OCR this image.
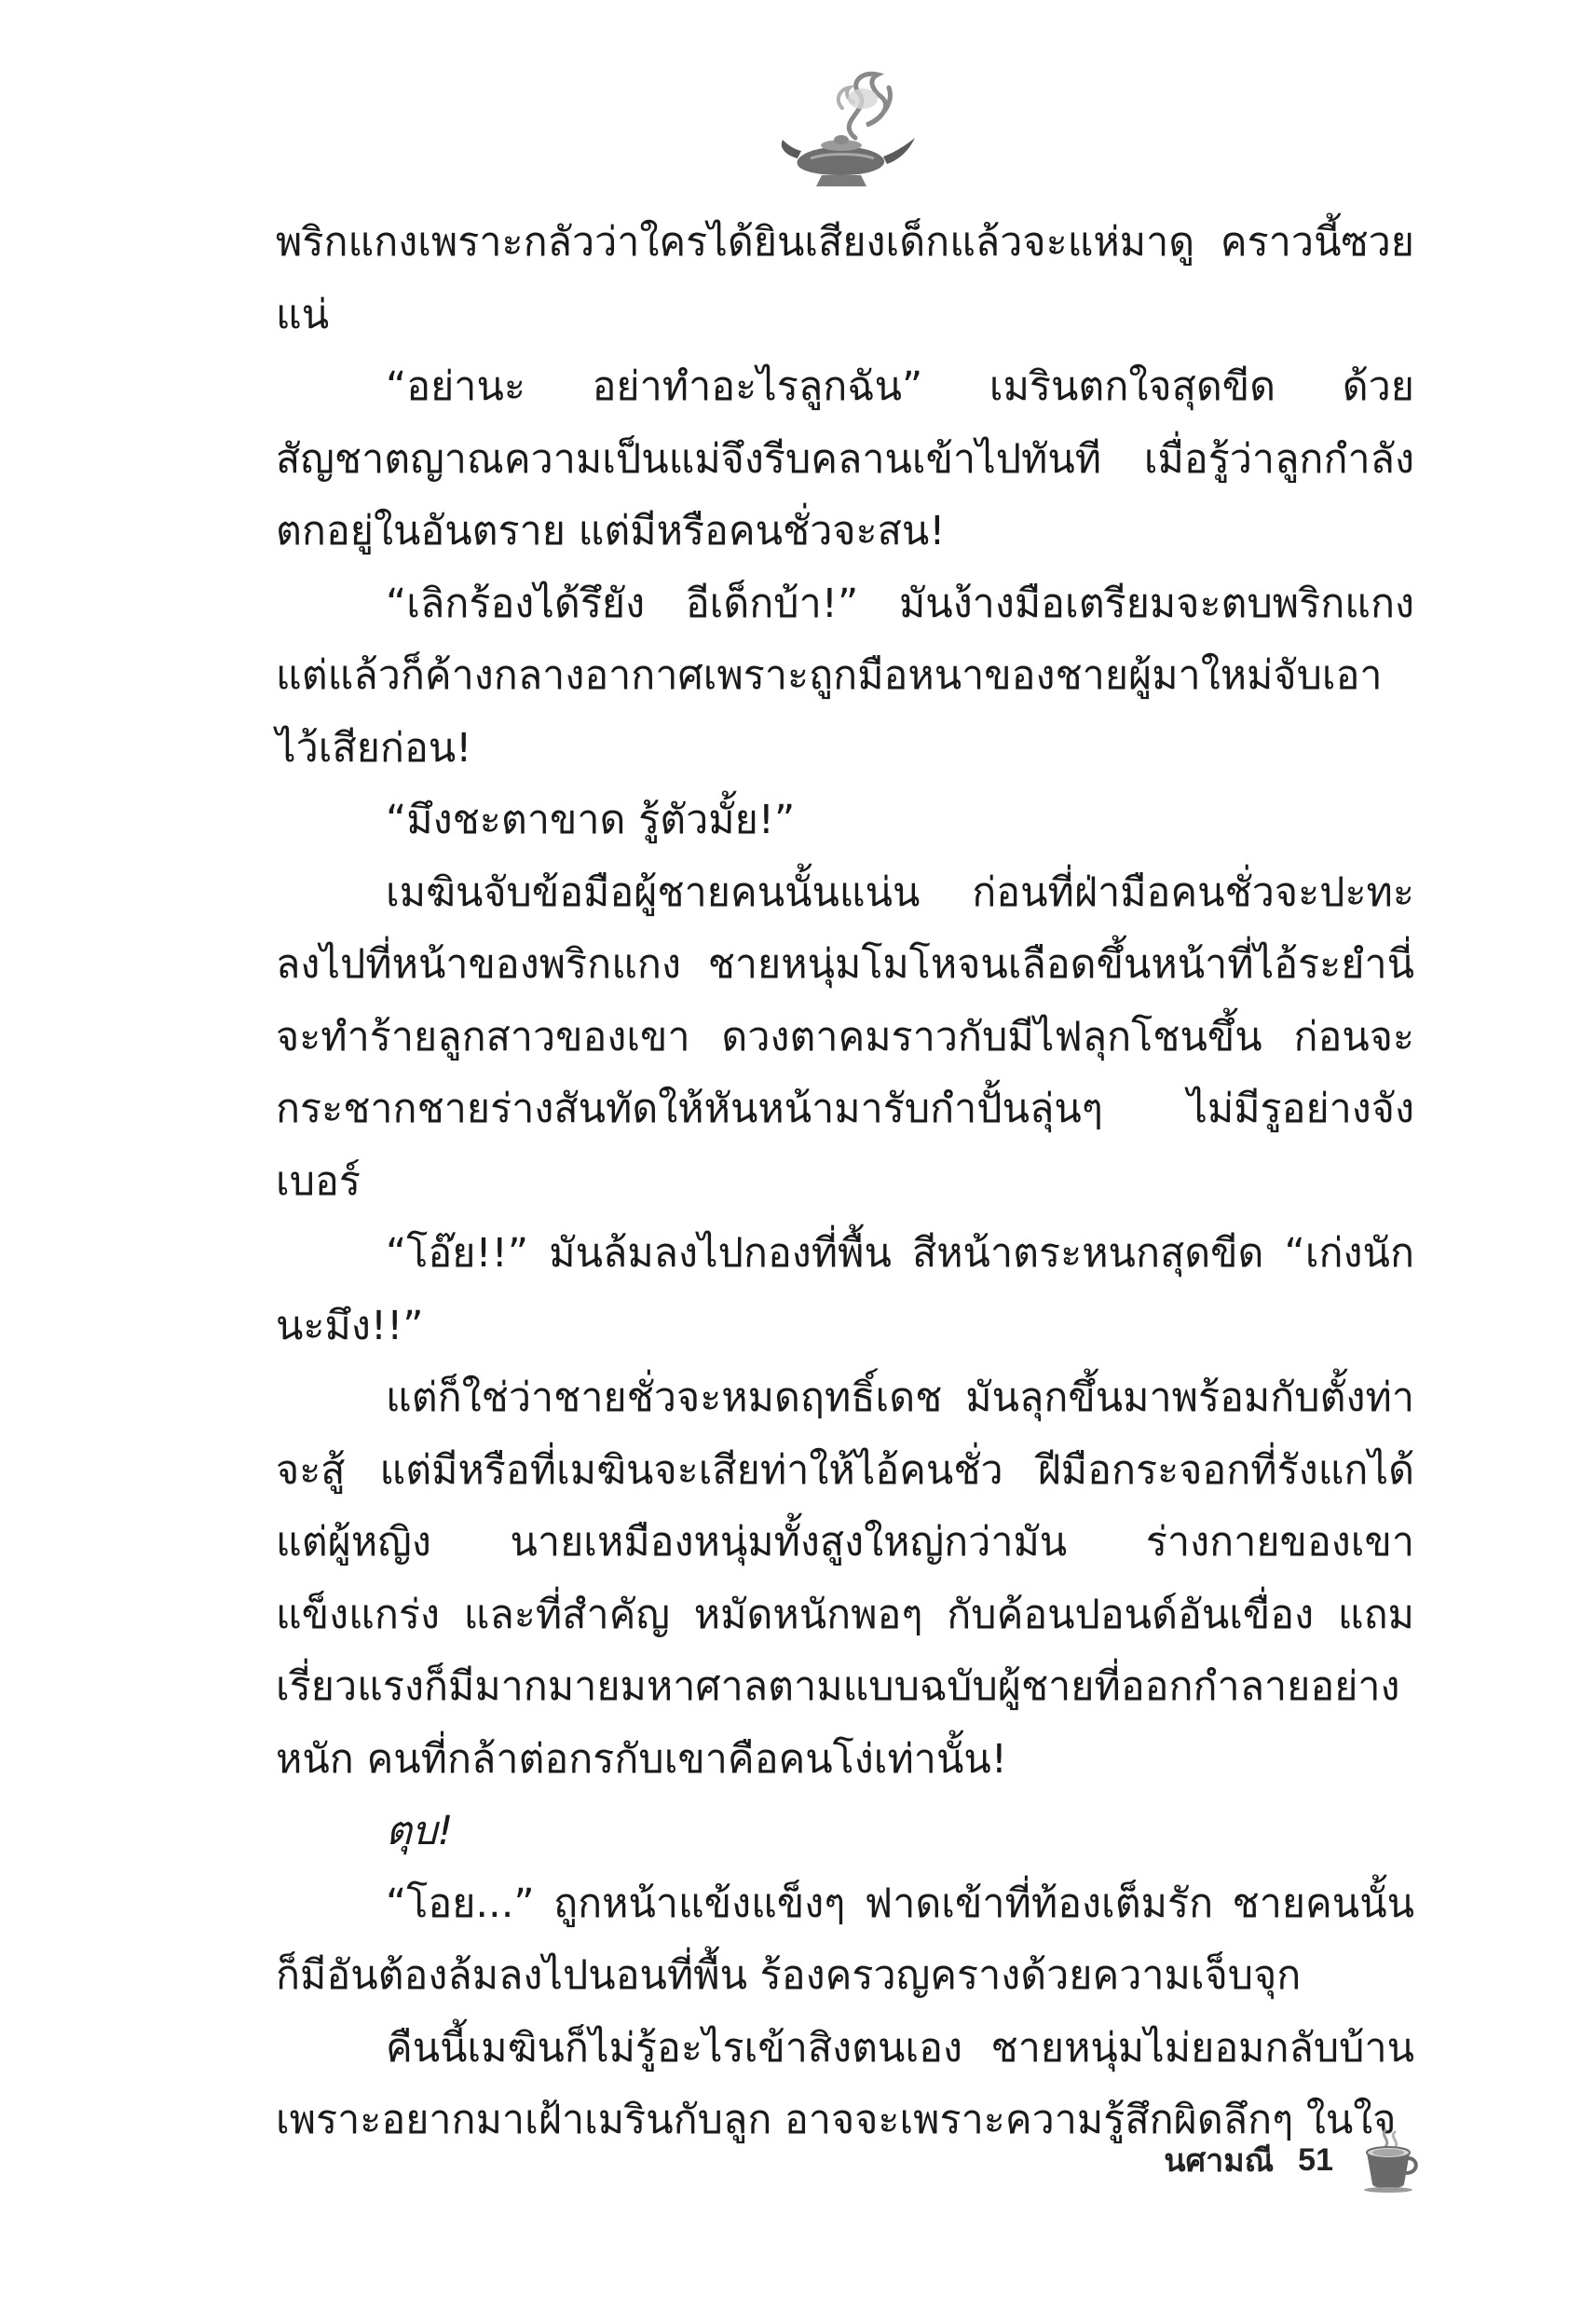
พริกแกงเพราะกลัวว่าใครได้ยินเสียงเด็กแล้วจะแห่มาดู คราวนี้ซวยแน่

“อย่านะ อย่าทำอะไรลูกฉัน” เมรินตกใจสุดขีด ด้วยสัญชาตญาณความเป็นแม่จึงรีบคลานเข้าไปทันที เมื่อรู้ว่าลูกกำลังตกอยู่ในอันตราย แต่มีหรือคนชั่วจะสน!

“เลิกร้องได้รึยัง อีเด็กบ้า!” มันง้างมือเตรียมจะตบพริกแกง แต่แล้วก็ค้างกลางอากาศเพราะถูกมือหนาของชายผู้มาใหม่จับเอาไว้เสียก่อน!

“มึงชะตาขาด รู้ตัวมั้ย!”

เมฆินจับข้อมือผู้ชายคนนั้นแน่น ก่อนที่ฝ่ามือคนชั่วจะปะทะลงไปที่หน้าของพริกแกง ชายหนุ่มโมโหจนเลือดขึ้นหน้าที่ไอ้ระยำนี่จะทำร้ายลูกสาวของเขา ดวงตาคมราวกับมีไฟลุกโชนขึ้น ก่อนจะกระชากชายร่างสันทัดให้หันหน้ามารับกำปั้นลุ่นๆ ไม่มีรูอย่างจังเบอร์

“โอ๊ย!!” มันล้มลงไปกองที่พื้น สีหน้าตระหนกสุดขีด “เก่งนักนะมึง!!”

แต่ก็ใช่ว่าชายชั่วจะหมดฤทธิ์เดช มันลุกขึ้นมาพร้อมกับตั้งท่าจะสู้ แต่มีหรือที่เมฆินจะเสียท่าให้ไอ้คนชั่ว ฝีมือกระจอกที่รังแกได้แต่ผู้หญิง นายเหมืองหนุ่มทั้งสูงใหญ่กว่ามัน ร่างกายของเขาแข็งแกร่ง และที่สำคัญ หมัดหนักพอๆ กับค้อนปอนด์อันเขื่อง แถมเรี่ยวแรงก็มีมากมายมหาศาลตามแบบฉบับผู้ชายที่ออกกำลายอย่างหนัก คนที่กล้าต่อกรกับเขาคือคนโง่เท่านั้น!

ตุบ!

“โอย...” ถูกหน้าแข้งแข็งๆ ฟาดเข้าที่ท้องเต็มรัก ชายคนนั้นก็มีอันต้องล้มลงไปนอนที่พื้น ร้องครวญครางด้วยความเจ็บจุก

คืนนี้เมฆินก็ไม่รู้อะไรเข้าสิงตนเอง ชายหนุ่มไม่ยอมกลับบ้านเพราะอยากมาเฝ้าเมรินกับลูก อาจจะเพราะความรู้สึกผิดลึกๆ ในใจ

นศามณี 51
